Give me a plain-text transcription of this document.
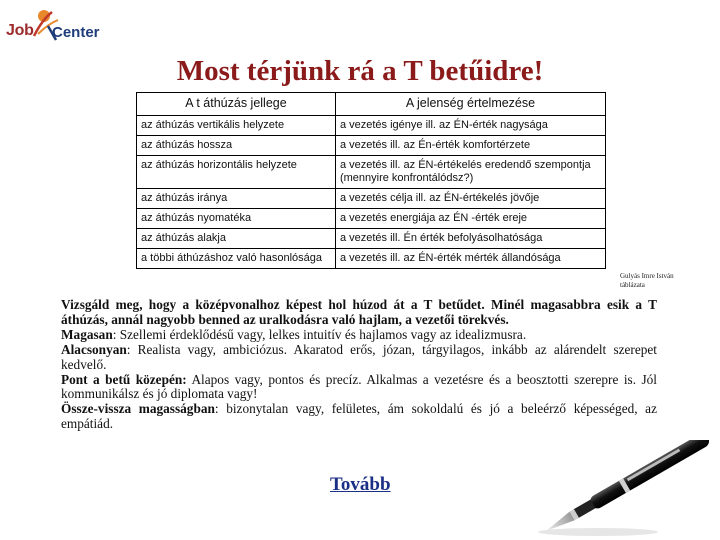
Job Center
Most térjünk rá a T betűidre!
A t áthúzás jellege	A jelenség értelmezése
az áthúzás vertikális helyzete	a vezetés igénye ill. az ÉN-érték nagysága
az áthúzás hossza	a vezetés ill. az Én-érték komfortérzete
az áthúzás horizontális helyzete	a vezetés ill. az ÉN-értékelés eredendő szempontja (mennyire konfrontálódsz?)
az áthúzás iránya	a vezetés célja ill. az ÉN-értékelés jövője
az áthúzás nyomatéka	a vezetés energiája az ÉN -érték ereje
az áthúzás alakja	a vezetés ill. Én érték befolyásolhatósága
a többi áthúzáshoz való hasonlósága	a vezetés ill. az ÉN-érték mérték állandósága
Gulyás Imre István táblázata

Vizsgáld meg, hogy a középvonalhoz képest hol húzod át a T betűdet. Minél magasabbra esik a T áthúzás, annál nagyobb benned az uralkodásra való hajlam, a vezetői törekvés.

Magasan: Szellemi érdeklődésű vagy, lelkes intuitív és hajlamos vagy az idealizmusra.

Alacsonyan: Realista vagy, ambiciózus. Akaratod erős, józan, tárgyilagos, inkább az alárendelt szerepet kedvelő.

Pont a betű közepén: Alapos vagy, pontos és precíz. Alkalmas a vezetésre és a beosztotti szerepre is. Jól kommunikálsz és jó diplomata vagy!

Össze-vissza magasságban: bizonytalan vagy, felületes, ám sokoldalú és jó a beleérző képességed, az empátiád.

Tovább
